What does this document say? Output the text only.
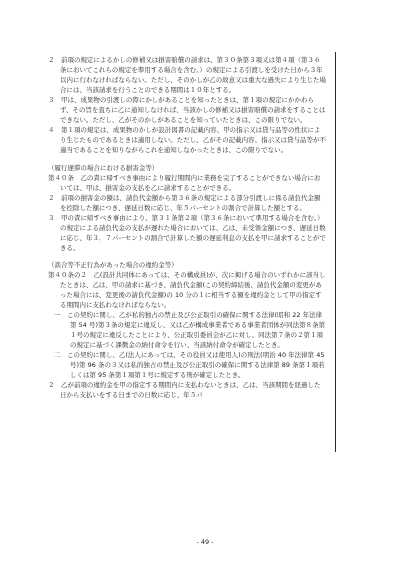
２　前項の規定によるかしの修補又は損害賠償の請求は、第３０条第３項又は第４項（第３６条においてこれらの規定を準用する場合を含む。）の規定による引渡しを受けた日から３年以内に行わなければならない。ただし、そのかしが乙の故意又は重大な過失により生じた場合には、当該請求を行うことのできる期間は１０年とする。

３　甲は、成果物の引渡しの際にかしがあることを知ったときは、第１項の規定にかかわらず、その旨を直ちに乙に通知しなければ、当該かしの修補又は損害賠償の請求をすることはできない。ただし、乙がそのかしがあることを知っていたときは、この限りでない。

４　第１項の規定は、成果物のかしが設計図書の記載内容、甲の指示又は貸与品等の性状により生じたものであるときは適用しない。ただし、乙がその記載内容、指示又は貸与品等が不適当であることを知りながらこれを通知しなかったときは、この限りでない。

（履行遅滞の場合における損害金等）

第４０条　乙の責に帰すべき事由により履行期間内に業務を完了することができない場合においては、甲は、損害金の支払を乙に請求することができる。

２　前項の損害金の額は、請負代金額から第３６条の規定による部分引渡しに係る請負代金額を控除した額につき、遅延日数に応じ、年５パーセントの割合で計算した額とする。

３　甲の責に帰すべき事由により、第３１条第２項（第３６条において準用する場合を含む。）の規定による請負代金の支払が遅れた場合においては、乙は、未受領金額につき、遅延日数に応じ、年３．７パーセントの割合で計算した額の遅延利息の支払を甲に請求することができる。

（談合等不正行為があった場合の違約金等）

第４０条の２　乙(設計共同体にあっては、その構成員)が、次に掲げる場合のいずれかに該当したときは、乙は、甲の請求に基づき、請負代金額(この契約締結後、請負代金額の変更があった場合には、変更後の請負代金額)の 10 分の１に相当する額を違約金として甲の指定する期間内に支払わなければならない。

一　この契約に関し、乙が私的独占の禁止及び公正取引の確保に関する法律(昭和 22 年法律第 54 号)第３条の規定に違反し、又は乙が構成事業者である事業者団体が同法第８条第１号の規定に違反したことにより、公正取引委員会が乙に対し、同法第７条の２第１項の規定に基づく課徴金の納付命令を行い、当該納付命令が確定したとき。

二　この契約に関し、乙(法人にあっては、その役員又は使用人)の刑法(明治 40 年法律第 45 号)第 96 条の３又は私的独占の禁止及び公正取引の確保に関する法律第 89 条第１項若しくは第 95 条第１項第１号に規定する刑が確定したとき。

２　乙が前項の違約金を甲の指定する期間内に支払わないときは、乙は、当該期間を経過した日から支払いをする日までの日数に応じ、年５パ

- 49 -
